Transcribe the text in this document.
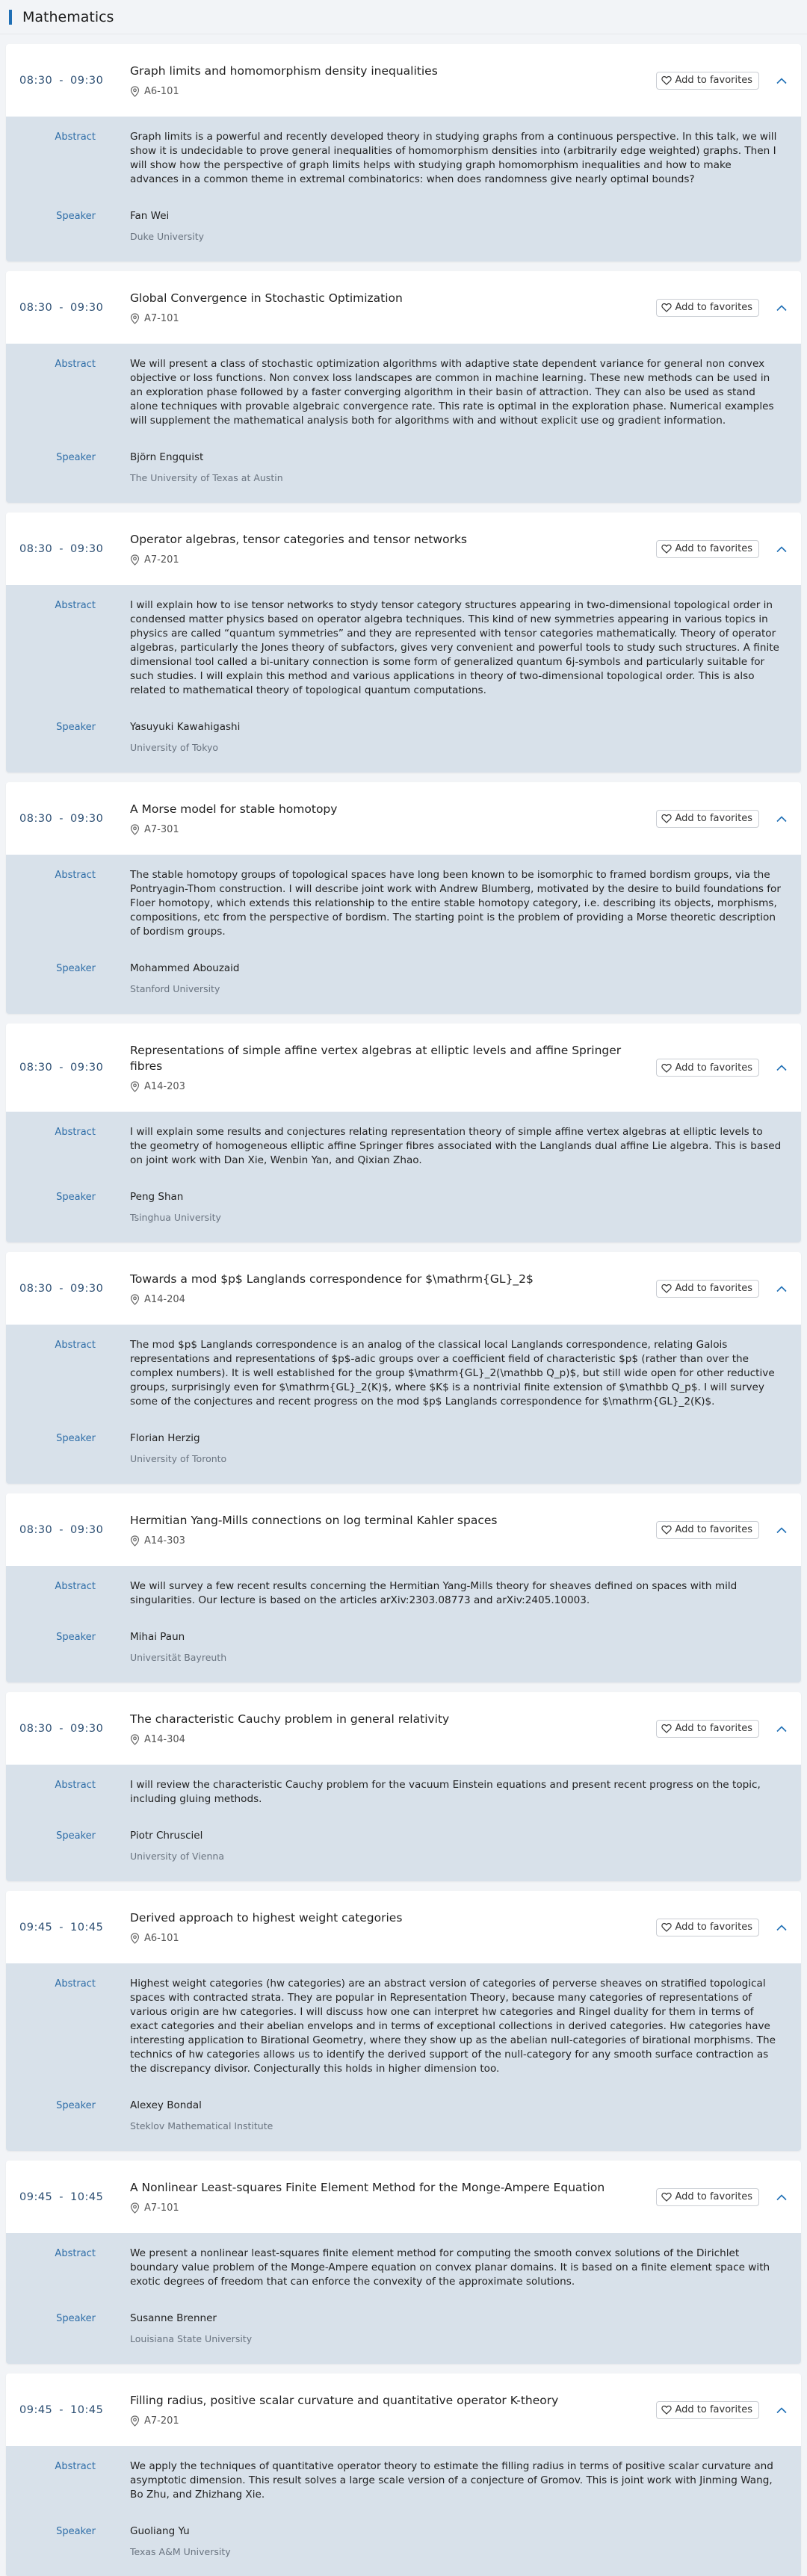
Mathematics
08:30 - 09:30
Graph limits and homomorphism density inequalities
A6-101
Add to favorites
Abstract	Graph limits is a powerful and recently developed theory in studying graphs from a continuous perspective. In this talk, we will show it is undecidable to prove general inequalities of homomorphism densities into (arbitrarily edge weighted) graphs. Then I will show how the perspective of graph limits helps with studying graph homomorphism inequalities and how to make advances in a common theme in extremal combinatorics: when does randomness give nearly optimal bounds?
Speaker	Fan Wei
Duke University
08:30 - 09:30
Global Convergence in Stochastic Optimization
A7-101
Add to favorites
Abstract	We will present a class of stochastic optimization algorithms with adaptive state dependent variance for general non convex objective or loss functions. Non convex loss landscapes are common in machine learning. These new methods can be used in an exploration phase followed by a faster converging algorithm in their basin of attraction. They can also be used as stand alone techniques with provable algebraic convergence rate. This rate is optimal in the exploration phase. Numerical examples will supplement the mathematical analysis both for algorithms with and without explicit use og gradient information.
Speaker	Björn Engquist
The University of Texas at Austin
08:30 - 09:30
Operator algebras, tensor categories and tensor networks
A7-201
Add to favorites
Abstract	I will explain how to ise tensor networks to stydy tensor category structures appearing in two-dimensional topological order in condensed matter physics based on operator algebra techniques. This kind of new symmetries appearing in various topics in physics are called “quantum symmetries” and they are represented with tensor categories mathematically. Theory of operator algebras, particularly the Jones theory of subfactors, gives very convenient and powerful tools to study such structures. A finite dimensional tool called a bi-unitary connection is some form of generalized quantum 6j-symbols and particularly suitable for such studies. I will explain this method and various applications in theory of two-dimensional topological order. This is also related to mathematical theory of topological quantum computations.
Speaker	Yasuyuki Kawahigashi
University of Tokyo
08:30 - 09:30
A Morse model for stable homotopy
A7-301
Add to favorites
Abstract	The stable homotopy groups of topological spaces have long been known to be isomorphic to framed bordism groups, via the Pontryagin-Thom construction. I will describe joint work with Andrew Blumberg, motivated by the desire to build foundations for Floer homotopy, which extends this relationship to the entire stable homotopy category, i.e. describing its objects, morphisms, compositions, etc from the perspective of bordism. The starting point is the problem of providing a Morse theoretic description of bordism groups.
Speaker	Mohammed Abouzaid
Stanford University
08:30 - 09:30
Representations of simple affine vertex algebras at elliptic levels and affine Springer fibres
A14-203
Add to favorites
Abstract	I will explain some results and conjectures relating representation theory of simple affine vertex algebras at elliptic levels to the geometry of homogeneous elliptic affine Springer fibres associated with the Langlands dual affine Lie algebra. This is based on joint work with Dan Xie, Wenbin Yan, and Qixian Zhao.
Speaker	Peng Shan
Tsinghua University
08:30 - 09:30
Towards a mod $p$ Langlands correspondence for $\mathrm{GL}_2$
A14-204
Add to favorites
Abstract	The mod $p$ Langlands correspondence is an analog of the classical local Langlands correspondence, relating Galois representations and representations of $p$-adic groups over a coefficient field of characteristic $p$ (rather than over the complex numbers). It is well established for the group $\mathrm{GL}_2(\mathbb Q_p)$, but still wide open for other reductive groups, surprisingly even for $\mathrm{GL}_2(K)$, where $K$ is a nontrivial finite extension of $\mathbb Q_p$. I will survey some of the conjectures and recent progress on the mod $p$ Langlands correspondence for $\mathrm{GL}_2(K)$.
Speaker	Florian Herzig
University of Toronto
08:30 - 09:30
Hermitian Yang-Mills connections on log terminal Kahler spaces
A14-303
Add to favorites
Abstract	We will survey a few recent results concerning the Hermitian Yang-Mills theory for sheaves defined on spaces with mild singularities. Our lecture is based on the articles arXiv:2303.08773 and arXiv:2405.10003.
Speaker	Mihai Paun
Universität Bayreuth
08:30 - 09:30
The characteristic Cauchy problem in general relativity
A14-304
Add to favorites
Abstract	I will review the characteristic Cauchy problem for the vacuum Einstein equations and present recent progress on the topic, including gluing methods.
Speaker	Piotr Chrusciel
University of Vienna
09:45 - 10:45
Derived approach to highest weight categories
A6-101
Add to favorites
Abstract	Highest weight categories (hw categories) are an abstract version of categories of perverse sheaves on stratified topological spaces with contracted strata. They are popular in Representation Theory, because many categories of representations of various origin are hw categories. I will discuss how one can interpret hw categories and Ringel duality for them in terms of exact categories and their abelian envelops and in terms of exceptional collections in derived categories. Hw categories have interesting application to Birational Geometry, where they show up as the abelian null-categories of birational morphisms. The technics of hw categories allows us to identify the derived support of the null-category for any smooth surface contraction as the discrepancy divisor. Conjecturally this holds in higher dimension too.
Speaker	Alexey Bondal
Steklov Mathematical Institute
09:45 - 10:45
A Nonlinear Least-squares Finite Element Method for the Monge-Ampere Equation
A7-101
Add to favorites
Abstract	We present a nonlinear least-squares finite element method for computing the smooth convex solutions of the Dirichlet boundary value problem of the Monge-Ampere equation on convex planar domains. It is based on a finite element space with exotic degrees of freedom that can enforce the convexity of the approximate solutions.
Speaker	Susanne Brenner
Louisiana State University
09:45 - 10:45
Filling radius, positive scalar curvature and quantitative operator K-theory
A7-201
Add to favorites
Abstract	We apply the techniques of quantitative operator theory to estimate the filling radius in terms of positive scalar curvature and asymptotic dimension. This result solves a large scale version of a conjecture of Gromov. This is joint work with Jinming Wang, Bo Zhu, and Zhizhang Xie.
Speaker	Guoliang Yu
Texas A&M University
